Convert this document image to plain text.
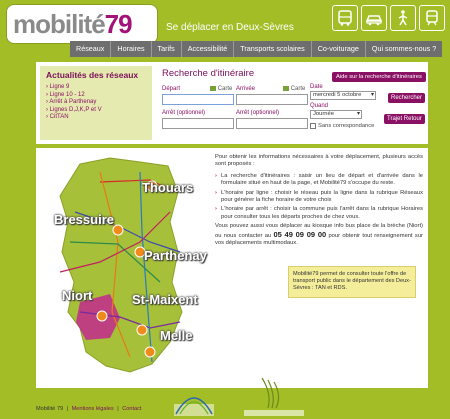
mobilité 79	Se déplacer en Deux-Sèvres
Réseaux	Horaires	Tarifs	Accessibilité	Transports scolaires	Co-voiturage	Qui sommes-nous ?
Actualités des réseaux
› Ligne 9
› Ligne 10 - 12
› Arrêt à Parthenay
› Lignes D,J,K,P et V
› CitTAN
Recherche d'itinéraire	Aide sur la recherche d'itinéraires
Départ	Carte Arrivée	Carte
Arrêt (optionnel)	Arrêt (optionnel)
Date
mercredi 5 octobre ▾
Quand
Journée ▾
Rechercher
Sans correspondance
Trajet Retour
Thouars
Bressuire
Parthenay
Niort	St-Maixent
Melle

Pour obtenir les informations nécessaires à votre déplacement, plusieurs accès sont proposés :

› La recherche d'itinéraires : saisir un lieu de départ et d'arrivée dans le formulaire situé en haut de la page, et Mobilité79 s'occupe du reste.

› L'horaire par ligne : choisir le réseau puis la ligne dans la rubrique Réseaux pour générer la fiche horaire de votre choix

› L'horaire par arrêt : choisir la commune puis l'arrêt dans la rubrique Horaires pour consulter tous les départs proches de chez vous.

Vous pouvez aussi vous déplacer au kiosque info bus place de la brèche (Niort) ou nous contacter au 05 49 09 09 00 pour obtenir tout renseignement sur vos déplacements multimodaux.

Mobilité79 permet de consulter toute l'offre de transport public dans le département des Deux-Sèvres : TAN et RDS.
Mobilité 79 | Mentions légales | Contact
